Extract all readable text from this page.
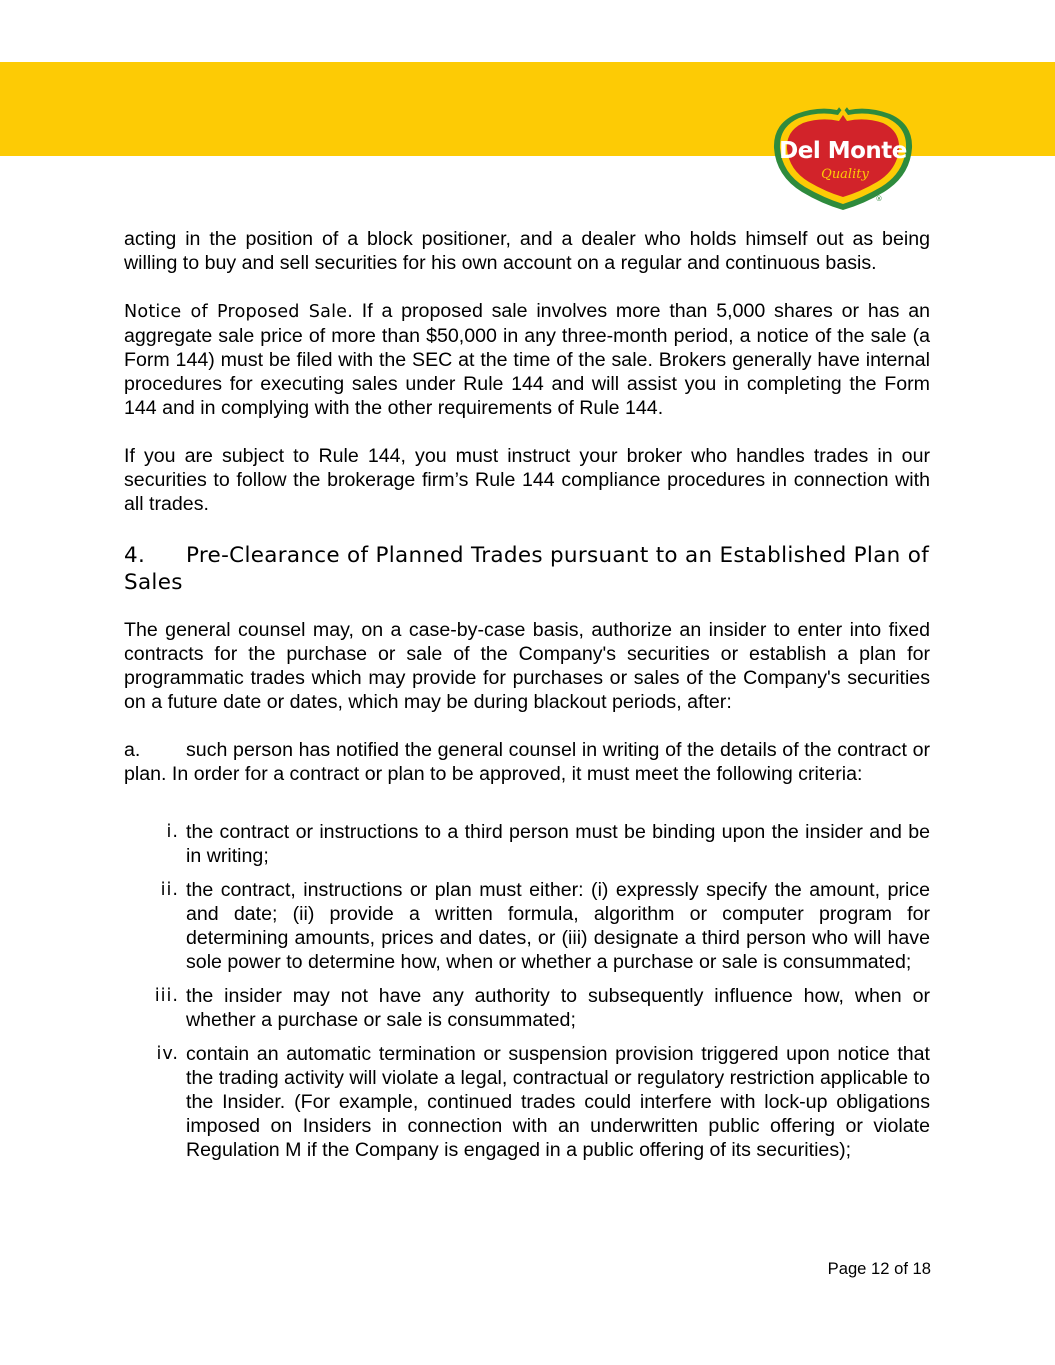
Del Monte
Quality
®

acting in the position of a block positioner, and a dealer who holds himself out as being willing to buy and sell securities for his own account on a regular and continuous basis.

Notice of Proposed Sale. If a proposed sale involves more than 5,000 shares or has an aggregate sale price of more than $50,000 in any three-month period, a notice of the sale (a Form 144) must be filed with the SEC at the time of the sale. Brokers generally have internal procedures for executing sales under Rule 144 and will assist you in completing the Form 144 and in complying with the other requirements of Rule 144.

If you are subject to Rule 144, you must instruct your broker who handles trades in our securities to follow the brokerage firm’s Rule 144 compliance procedures in connection with all trades.

4. Pre-Clearance of Planned Trades pursuant to an Established Plan of Sales

The general counsel may, on a case-by-case basis, authorize an insider to enter into fixed contracts for the purchase or sale of the Company's securities or establish a plan for programmatic trades which may provide for purchases or sales of the Company's securities on a future date or dates, which may be during blackout periods, after:

a. such person has notified the general counsel in writing of the details of the contract or plan. In order for a contract or plan to be approved, it must meet the following criteria:

i. the contract or instructions to a third person must be binding upon the insider and be in writing;
ii. the contract, instructions or plan must either: (i) expressly specify the amount, price and date; (ii) provide a written formula, algorithm or computer program for determining amounts, prices and dates, or (iii) designate a third person who will have sole power to determine how, when or whether a purchase or sale is consummated;
iii. the insider may not have any authority to subsequently influence how, when or whether a purchase or sale is consummated;
iv. contain an automatic termination or suspension provision triggered upon notice that the trading activity will violate a legal, contractual or regulatory restriction applicable to the Insider. (For example, continued trades could interfere with lock-up obligations imposed on Insiders in connection with an underwritten public offering or violate Regulation M if the Company is engaged in a public offering of its securities);
Page 12 of 18
